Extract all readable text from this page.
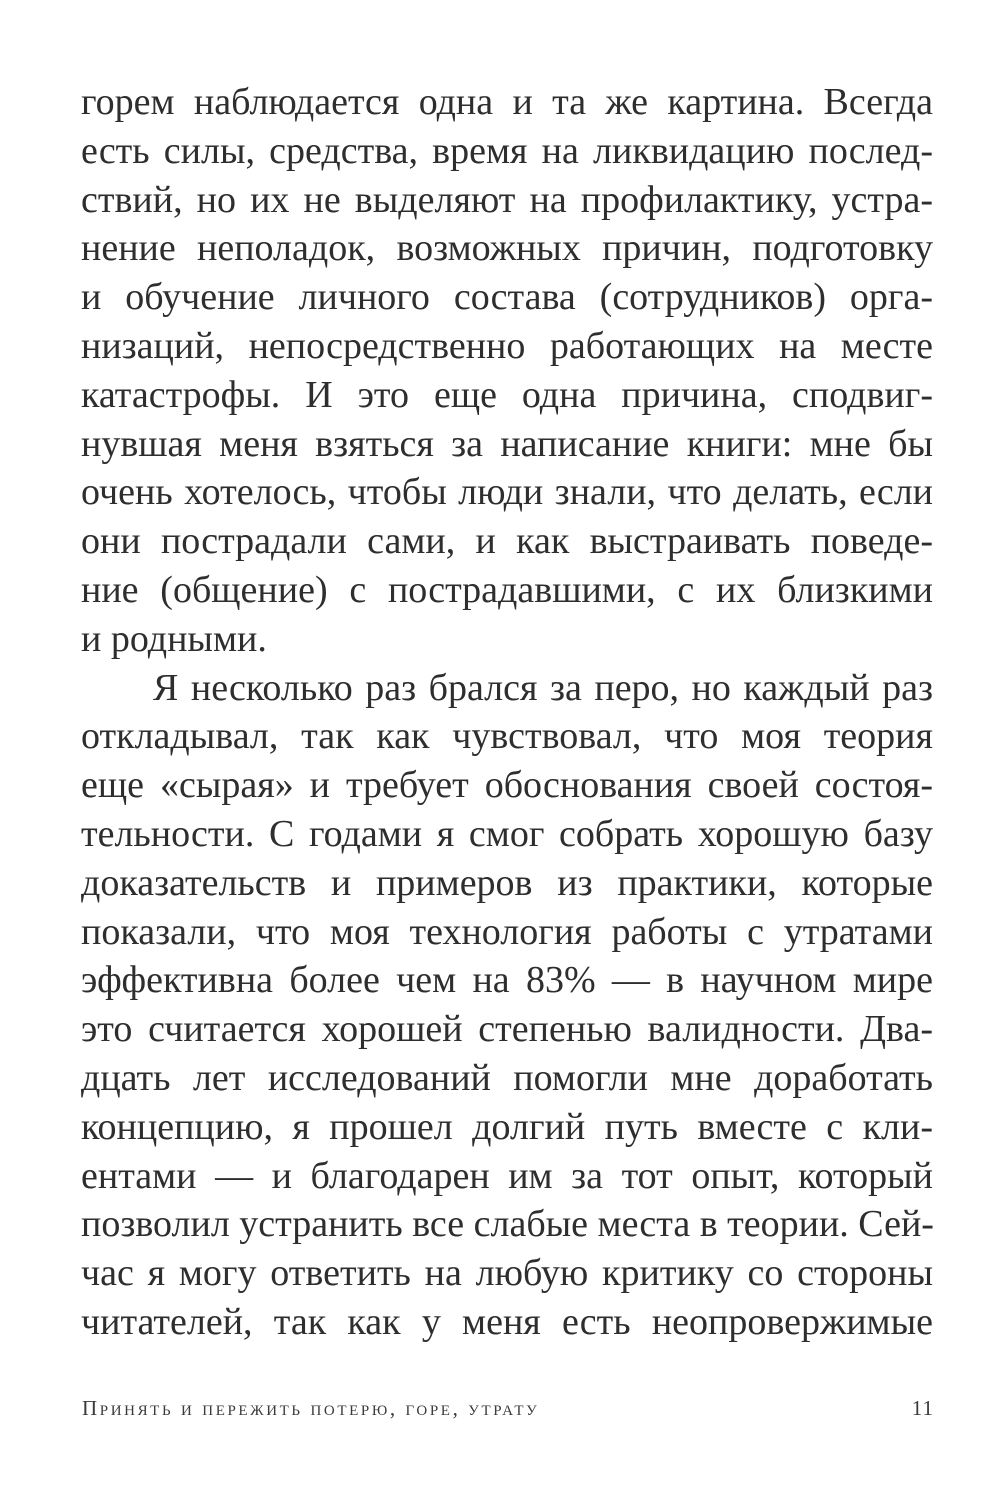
горем наблюдается одна и та же картина. Всегда
есть силы, средства, время на ликвидацию послед-
ствий, но их не выделяют на профилактику, устра-
нение неполадок, возможных причин, подготовку
и обучение личного состава (сотрудников) орга-
низаций, непосредственно работающих на месте
катастрофы. И это еще одна причина, сподвиг-
нувшая меня взяться за написание книги: мне бы
очень хотелось, чтобы люди знали, что делать, если
они пострадали сами, и как выстраивать поведе-
ние (общение) с пострадавшими, с их близкими
и родными.
Я несколько раз брался за перо, но каждый раз
откладывал, так как чувствовал, что моя теория
еще «сырая» и требует обоснования своей состоя-
тельности. С годами я смог собрать хорошую базу
доказательств и примеров из практики, которые
показали, что моя технология работы с утратами
эффективна более чем на 83% — в научном мире
это считается хорошей степенью валидности. Два-
дцать лет исследований помогли мне доработать
концепцию, я прошел долгий путь вместе с кли-
ентами — и благодарен им за тот опыт, который
позволил устранить все слабые места в теории. Сей-
час я могу ответить на любую критику со стороны
читателей, так как у меня есть неопровержимые
Принять и пережить потерю, горе, утрату	11
